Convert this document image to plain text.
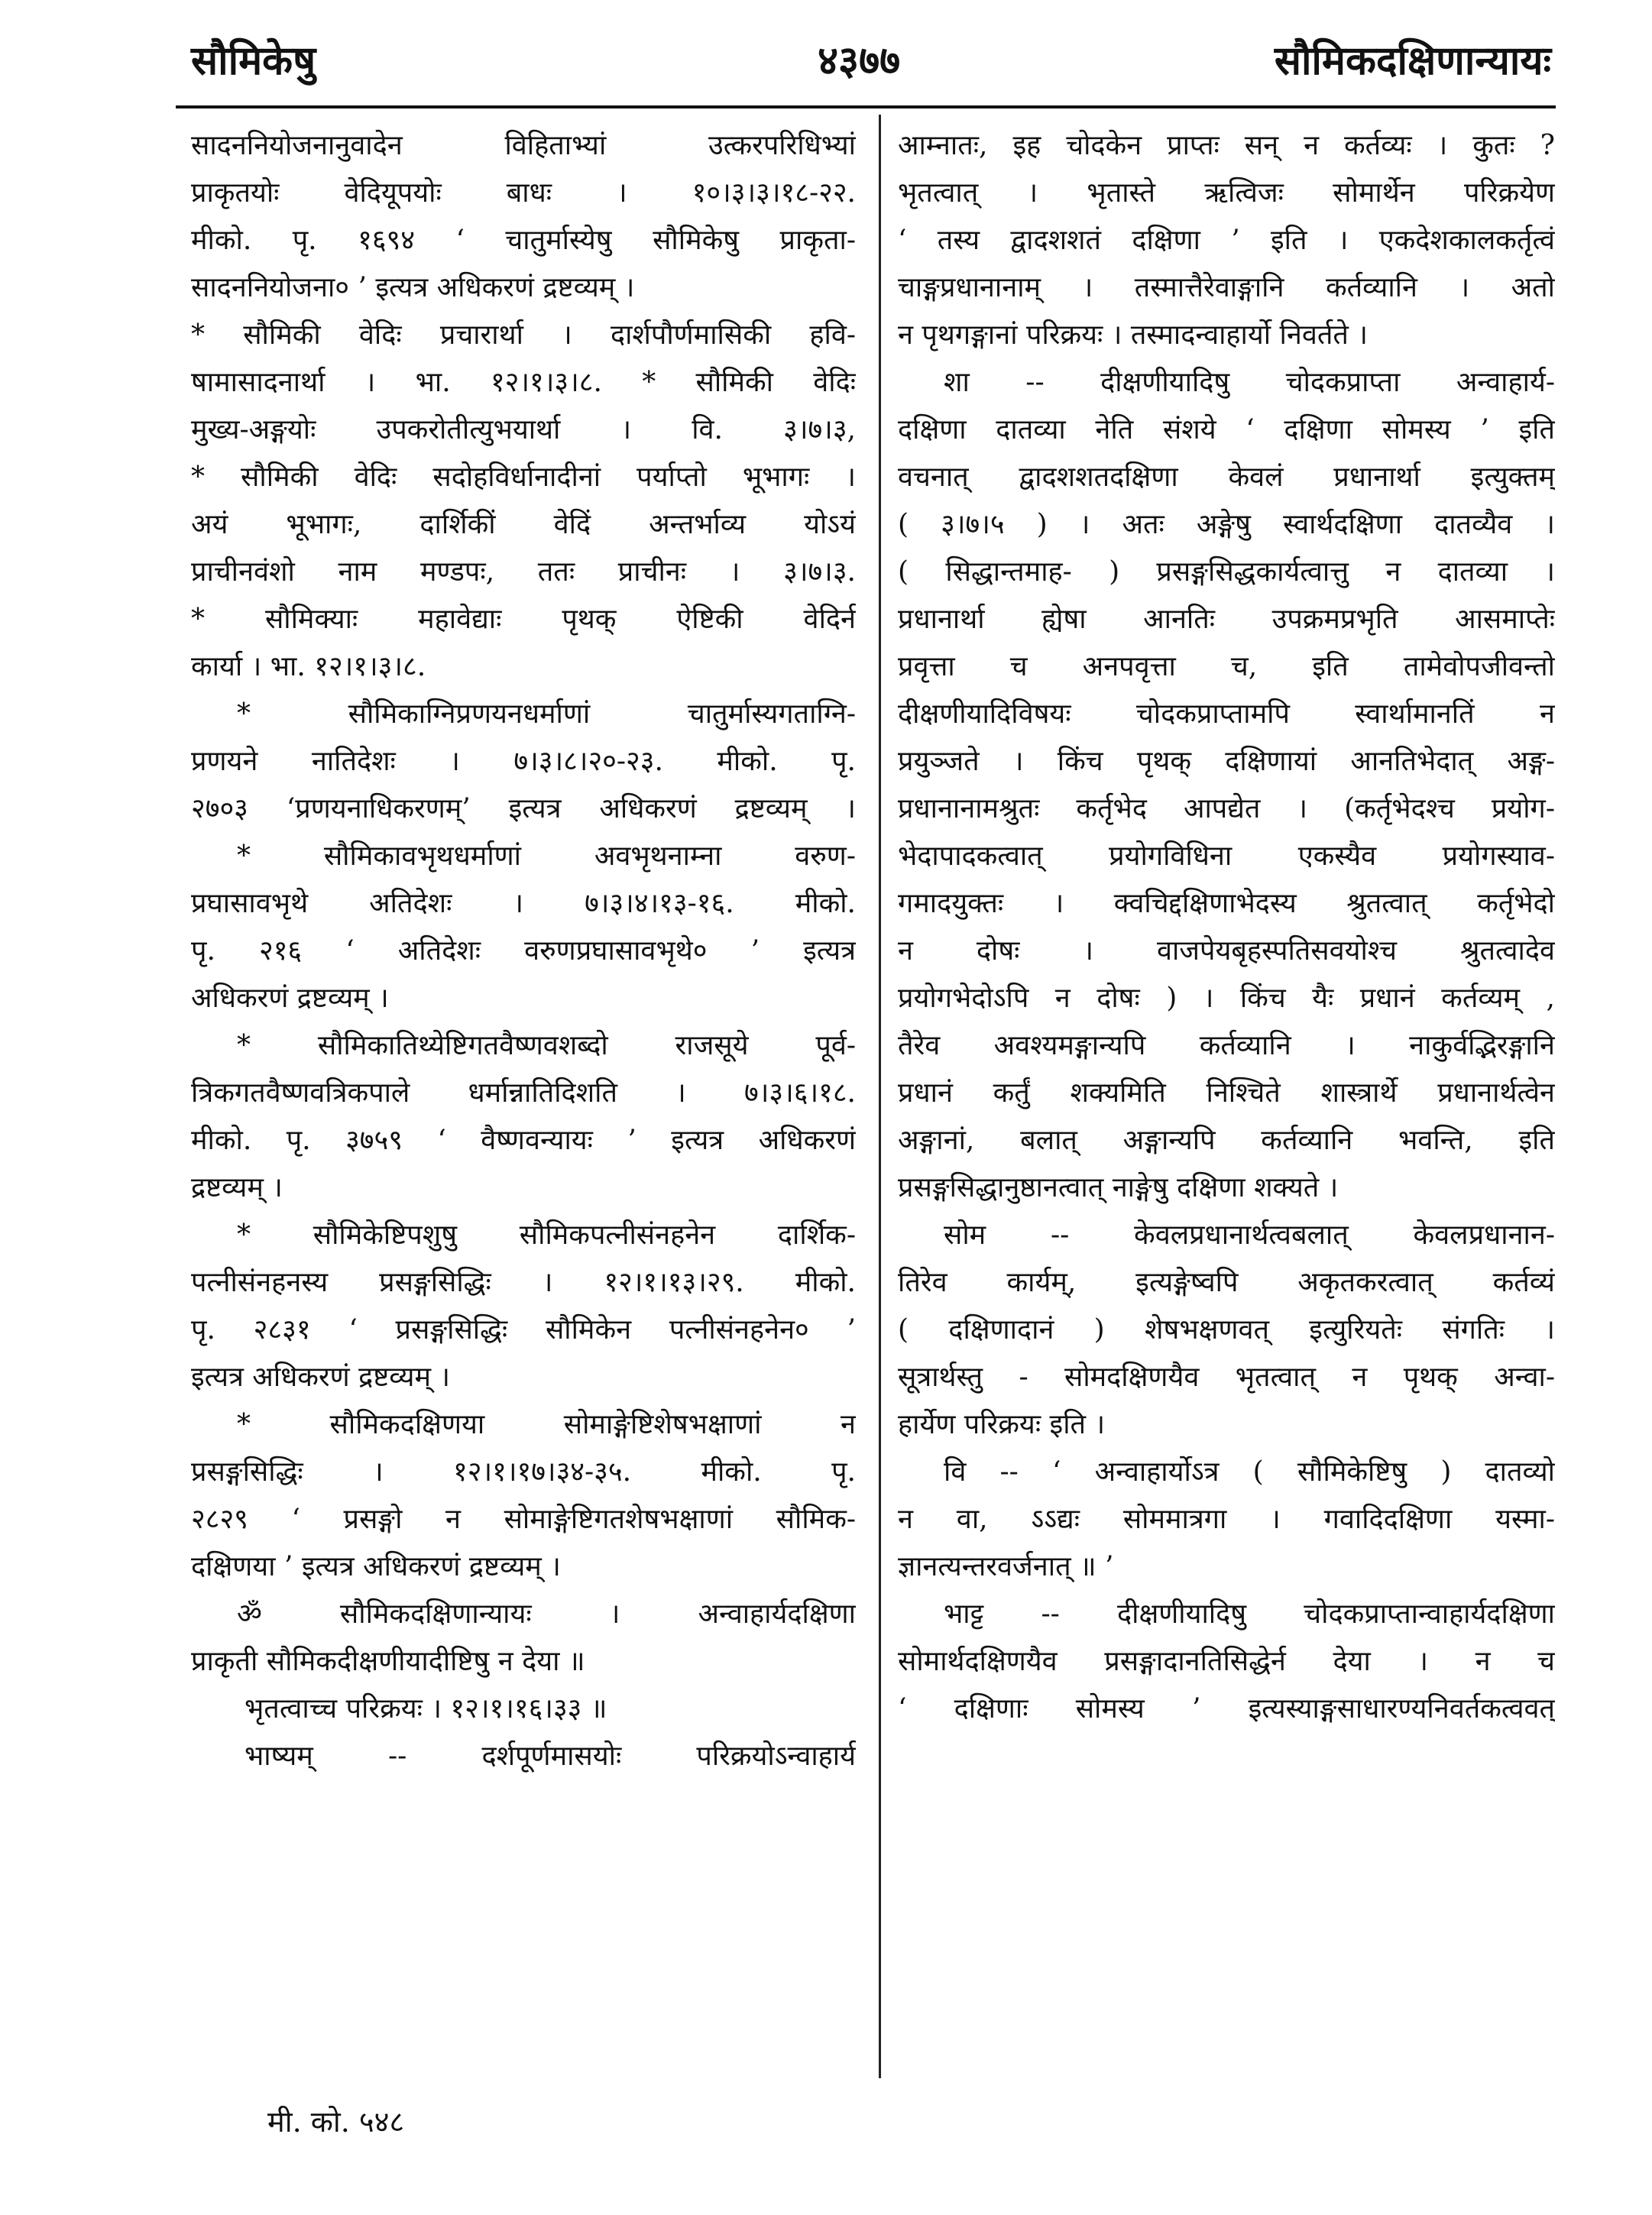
सौमिकेषु	४३७७	सौमिकदक्षिणान्यायः
सादननियोजनानुवादेन विहिताभ्यां उत्करपरिधिभ्यां
प्राकृतयोः वेदियूपयोः बाधः । १०।३।३।१८-२२.
मीको. पृ. १६९४ ‘ चातुर्मास्येषु सौमिकेषु प्राकृता-
सादननियोजना० ’ इत्यत्र अधिकरणं द्रष्टव्यम् ।
* सौमिकी वेदिः प्रचारार्था । दार्शपौर्णमासिकी हवि-
षामासादनार्था । भा. १२।१।३।८. * सौमिकी वेदिः
मुख्य-अङ्गयोः उपकरोतीत्युभयार्था । वि. ३।७।३,
* सौमिकी वेदिः सदोहविर्धानादीनां पर्याप्तो भूभागः ।
अयं भूभागः, दार्शिकीं वेदिं अन्तर्भाव्य योऽयं
प्राचीनवंशो नाम मण्डपः, ततः प्राचीनः । ३।७।३.
* सौमिक्याः महावेद्याः पृथक् ऐष्टिकी वेदिर्न
कार्या । भा. १२।१।३।८.
* सौमिकाग्निप्रणयनधर्माणां चातुर्मास्यगताग्नि-
प्रणयने नातिदेशः । ७।३।८।२०-२३. मीको. पृ.
२७०३ ‘प्रणयनाधिकरणम्’ इत्यत्र अधिकरणं द्रष्टव्यम् ।
* सौमिकावभृथधर्माणां अवभृथनाम्ना वरुण-
प्रघासावभृथे अतिदेशः । ७।३।४।१३-१६. मीको.
पृ. २१६ ‘ अतिदेशः वरुणप्रघासावभृथे० ’ इत्यत्र
अधिकरणं द्रष्टव्यम् ।
* सौमिकातिथ्येष्टिगतवैष्णवशब्दो राजसूये पूर्व-
त्रिकगतवैष्णवत्रिकपाले धर्मान्नातिदिशति । ७।३।६।१८.
मीको. पृ. ३७५९ ‘ वैष्णवन्यायः ’ इत्यत्र अधिकरणं
द्रष्टव्यम् ।
* सौमिकेष्टिपशुषु सौमिकपत्नीसंनहनेन दार्शिक-
पत्नीसंनहनस्य प्रसङ्गसिद्धिः । १२।१।१३।२९. मीको.
पृ. २८३१ ‘ प्रसङ्गसिद्धिः सौमिकेन पत्नीसंनहनेन० ’
इत्यत्र अधिकरणं द्रष्टव्यम् ।
* सौमिकदक्षिणया सोमाङ्गेष्टिशेषभक्षाणां न
प्रसङ्गसिद्धिः । १२।१।१७।३४-३५. मीको. पृ.
२८२९ ‘ प्रसङ्गो न सोमाङ्गेष्टिगतशेषभक्षाणां सौमिक-
दक्षिणया ’ इत्यत्र अधिकरणं द्रष्टव्यम् ।
ॐ सौमिकदक्षिणान्यायः । अन्वाहार्यदक्षिणा
प्राकृती सौमिकदीक्षणीयादीष्टिषु न देया ॥
भृतत्वाच्च परिक्रयः । १२।१।१६।३३ ॥
भाष्यम् -- दर्शपूर्णमासयोः परिक्रयोऽन्वाहार्य
आम्नातः, इह चोदकेन प्राप्तः सन् न कर्तव्यः । कुतः ?
भृतत्वात् । भृतास्ते ऋत्विजः सोमार्थेन परिक्रयेण
‘ तस्य द्वादशशतं दक्षिणा ’ इति । एकदेशकालकर्तृत्वं
चाङ्गप्रधानानाम् । तस्मात्तैरेवाङ्गानि कर्तव्यानि । अतो
न पृथगङ्गानां परिक्रयः । तस्मादन्वाहार्यो निवर्तते ।
शा -- दीक्षणीयादिषु चोदकप्राप्ता अन्वाहार्य-
दक्षिणा दातव्या नेति संशये ‘ दक्षिणा सोमस्य ’ इति
वचनात् द्वादशशतदक्षिणा केवलं प्रधानार्था इत्युक्तम्
( ३।७।५ ) । अतः अङ्गेषु स्वार्थदक्षिणा दातव्यैव ।
( सिद्धान्तमाह- ) प्रसङ्गसिद्धकार्यत्वात्तु न दातव्या ।
प्रधानार्था ह्येषा आनतिः उपक्रमप्रभृति आसमाप्तेः
प्रवृत्ता च अनपवृत्ता च, इति तामेवोपजीवन्तो
दीक्षणीयादिविषयः चोदकप्राप्तामपि स्वार्थामानतिं न
प्रयुञ्जते । किंच पृथक् दक्षिणायां आनतिभेदात् अङ्ग-
प्रधानानामश्रुतः कर्तृभेद आपद्येत । (कर्तृभेदश्च प्रयोग-
भेदापादकत्वात् प्रयोगविधिना एकस्यैव प्रयोगस्याव-
गमादयुक्तः । क्वचिद्दक्षिणाभेदस्य श्रुतत्वात् कर्तृभेदो
न दोषः । वाजपेयबृहस्पतिसवयोश्च श्रुतत्वादेव
प्रयोगभेदोऽपि न दोषः ) । किंच यैः प्रधानं कर्तव्यम् ,
तैरेव अवश्यमङ्गान्यपि कर्तव्यानि । नाकुर्वद्भिरङ्गानि
प्रधानं कर्तुं शक्यमिति निश्चिते शास्त्रार्थे प्रधानार्थत्वेन
अङ्गानां, बलात् अङ्गान्यपि कर्तव्यानि भवन्ति, इति
प्रसङ्गसिद्धानुष्ठानत्वात् नाङ्गेषु दक्षिणा शक्यते ।
सोम -- केवलप्रधानार्थत्वबलात् केवलप्रधानान-
तिरेव कार्यम्, इत्यङ्गेष्वपि अकृतकरत्वात् कर्तव्यं
( दक्षिणादानं ) शेषभक्षणवत् इत्युरियतेः संगतिः ।
सूत्रार्थस्तु - सोमदक्षिणयैव भृतत्वात् न पृथक् अन्वा-
हार्येण परिक्रयः इति ।
वि -- ‘ अन्वाहार्योऽत्र ( सौमिकेष्टिषु ) दातव्यो
न वा, ऽऽद्यः सोममात्रगा । गवादिदक्षिणा यस्मा-
ज्ञानत्यन्तरवर्जनात् ॥ ’
भाट्ट -- दीक्षणीयादिषु चोदकप्राप्तान्वाहार्यदक्षिणा
सोमार्थदक्षिणयैव प्रसङ्गादानतिसिद्धेर्न देया । न च
‘ दक्षिणाः सोमस्य ’ इत्यस्याङ्गसाधारण्यनिवर्तकत्ववत्
मी. को. ५४८
